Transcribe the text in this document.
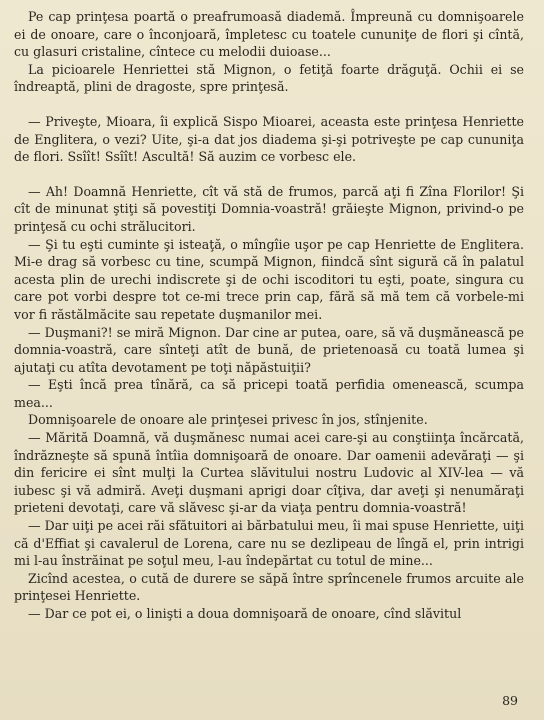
Pe cap prinţesa poartă o preafrumoasă diademă. Împreună cu domnişoarele ei de onoare, care o înconjoară, împletesc cu toatele cununiţe de flori şi cîntă, cu glasuri cristaline, cîntece cu melodii duioase...

La picioarele Henriettei stă Mignon, o fetiţă foarte drăguţă. Ochii ei se îndreaptă, plini de dragoste, spre prinţesă.

— Priveşte, Mioara, îi explică Sispo Mioarei, aceasta este prinţesa Henriette de Englitera, o vezi? Uite, şi-a dat jos diadema şi-şi potriveşte pe cap cununiţa de flori. Ssîît! Ssîît! Ascultă! Să auzim ce vorbesc ele.

— Ah! Doamnă Henriette, cît vă stă de frumos, parcă aţi fi Zîna Florilor! Şi cît de minunat ştiţi să povestiţi Domnia-voastră! grăieşte Mignon, privind-o pe prinţesă cu ochi strălucitori.

— Şi tu eşti cuminte şi isteaţă, o mîngîie uşor pe cap Henriette de Englitera. Mi-e drag să vorbesc cu tine, scumpă Mignon, fiindcă sînt sigură că în palatul acesta plin de urechi indiscrete şi de ochi iscoditori tu eşti, poate, singura cu care pot vorbi despre tot ce-mi trece prin cap, fără să mă tem că vorbele-mi vor fi răstălmăcite sau repetate duşmanilor mei.

— Duşmani?! se miră Mignon. Dar cine ar putea, oare, să vă duşmănească pe domnia-voastră, care sînteţi atît de bună, de prietenoasă cu toată lumea şi ajutaţi cu atîta devotament pe toţi năpăstuiţii?

— Eşti încă prea tînără, ca să pricepi toată perfidia omenească, scumpa mea...

Domnişoarele de onoare ale prinţesei privesc în jos, stînjenite.

— Mărită Doamnă, vă duşmănesc numai acei care-şi au conştiinţa încărcată, îndrăzneşte să spună întîia domnişoară de onoare. Dar oamenii adevăraţi — şi din fericire ei sînt mulţi la Curtea slăvitului nostru Ludovic al XIV-lea — vă iubesc şi vă admiră. Aveţi duşmani aprigi doar cîţiva, dar aveţi şi nenumăraţi prieteni devotaţi, care vă slăvesc şi-ar da viaţa pentru domnia-voastră!

— Dar uiţi pe acei răi sfătuitori ai bărbatului meu, îi mai spuse Henriette, uiţi că d'Effiat şi cavalerul de Lorena, care nu se dezlipeau de lîngă el, prin intrigi mi l-au înstrăinat pe soţul meu, l-au îndepărtat cu totul de mine...

Zicînd acestea, o cută de durere se săpă între sprîncenele frumos arcuite ale prinţesei Henriette.

— Dar ce pot ei, o linişti a doua domnişoară de onoare, cînd slăvitul

89
